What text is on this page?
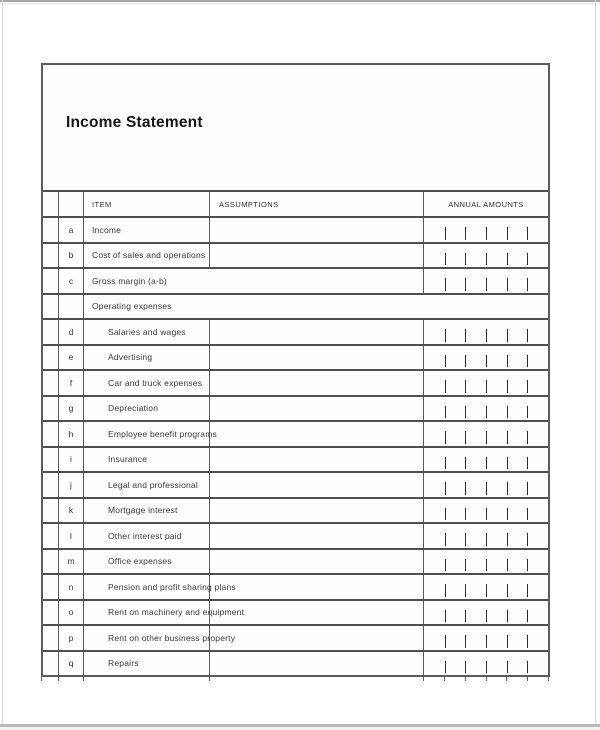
Income Statement
ITEM	ASSUMPTIONS	ANNUAL AMOUNTS
a	Income
b	Cost of sales and operations
c	Gross margin (a-b)
Operating expenses
d	Salaries and wages
e	Advertising
f	Car and truck expenses
g	Depreciation
h	Employee benefit programs
i	Insurance
j	Legal and professional
k	Mortgage interest
l	Other interest paid
m	Office expenses
n	Pension and profit sharing plans
o	Rent on machinery and equipment
p	Rent on other business property
q	Repairs
